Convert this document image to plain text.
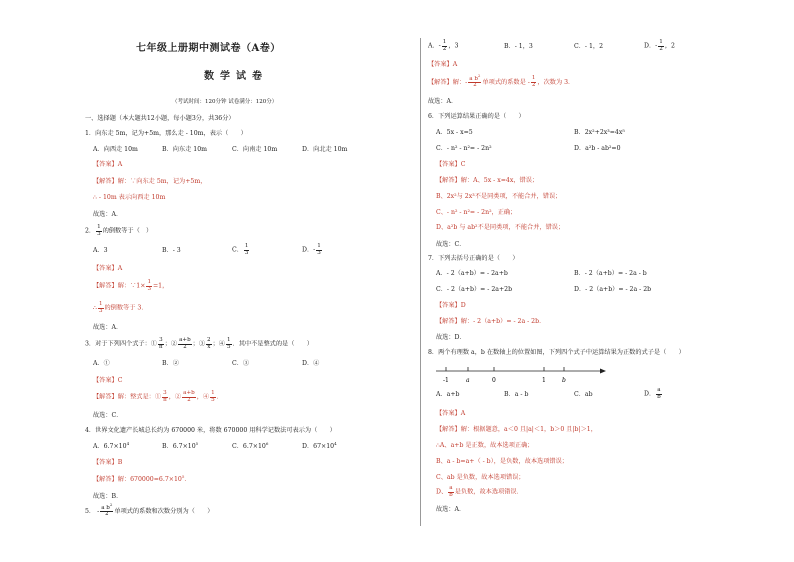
七年级上册期中测试卷（A卷）
数学试卷
（考试时间：120分钟 试卷满分：120分）
一、选择题（本大题共12小题，每小题3分，共36分）
1．向东走 5m，记为+5m，那么走 - 10m，表示（　　）
A．向西走 10m	B．向东走 10m	C．向南走 10m	D．向北走 10m
【答案】A
【解答】解：∵向东走 5m，记为+5m，
∴ - 10m 表示向西走 10m
故选：A．
2． $\frac{1}{3}$ 的倒数等于（　）
A．3	B．- 3	C． $\frac{1}{3}$	D．- $\frac{1}{3}$
【答案】A
【解答】解：∵1× $\frac{1}{3} =1$，
∴ $\frac{1}{3}$ 的倒数等于 3．
故选：A．
3．对于下列四个式子：① $\frac{3}{\pi}$ ；② $\frac{a+b}{2}$ ；③ $\frac{2}{x}$ ；④ $\frac{1}{5}$ ．其中不是整式的是（　　）
A．①	B．②	C．③	D．④
【答案】C
【解答】解：整式是：① $\frac{3}{\pi}$ ，② $\frac{a+b}{2}$ ，④ $\frac{1}{5}$ ．
故选：C．
4．世界文化遗产长城总长约为 670000 米，将数 670000 用科学记数法可表示为（　　）
A．$6.7\times 10^4$	B．$6.7\times 10^5$	C．$6.7\times 10^6$	D．$67\times 10^4$
【答案】B
【解答】解：$670000=6.7\times 10^5$．
故选：B．
5． - $\frac{a b^2}{2}$ 单项式的系数和次数分别为（　　）
A．- $\frac{1}{2}$ ，3	B．- 1，3	C．- 1，2	D．- $\frac{1}{2}$ ，2
【答案】A
【解答】解：- $\frac{a b^2}{2}$ 单项式的系数是 - $\frac{1}{2}$ ，次数为 3．
故选：A．
6．下列运算结果正确的是（　　）
A．5x - x=5	B．2x²+2x³=4x⁵
C．- n² - n²= - 2n²	D．a²b - ab²=0
【答案】C
【解答】解：A、5x - x=4x，错误；
B、2x²与 2x³不是同类项，不能合并，错误；
C、- n² - n²= - 2n²，正确；
D、a²b 与 ab²不是同类项，不能合并，错误；
故选：C．
7．下列去括号正确的是（　　）
A．- 2（a+b）= - 2a+b	B．- 2（a+b）= - 2a - b
C．- 2（a+b）= - 2a+2b	D．- 2（a+b）= - 2a - 2b
【答案】D
【解答】解：- 2（a+b）= - 2a - 2b．
故选：D．
8．两个有理数 a，b 在数轴上的位置如图，下列四个式子中运算结果为正数的式子是（　　）
-1	a	0	1	b
A．a+b	B．a - b	C．ab	D． $\frac{a}{b}$
【答案】A
【解答】解：根据题意，a＜0 且|a|＜1，b＞0 且|b|＞1，
∴A、a+b 是正数，故本选项正确；
B、a - b=a+（ - b），是负数，故本选项错误；
C、ab 是负数，故本选项错误；
D、 $\frac{a}{b}$ 是负数，故本选项错误．
故选：A．
